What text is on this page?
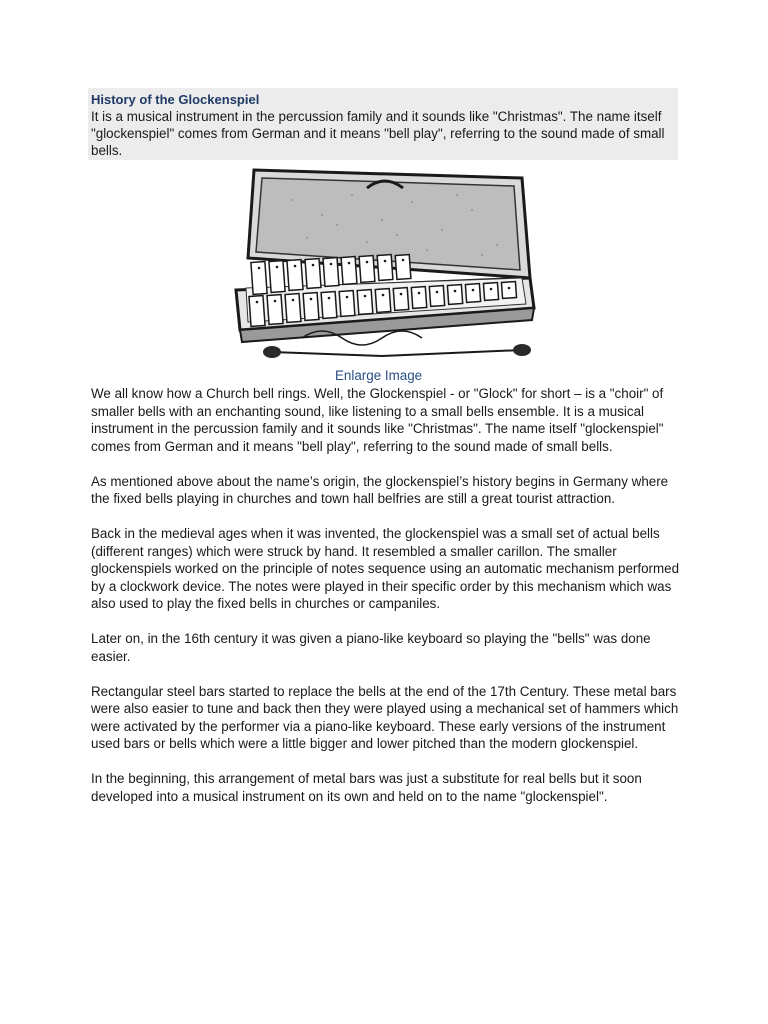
History of the Glockenspiel
It is a musical instrument in the percussion family and it sounds like "Christmas". The name itself "glockenspiel" comes from German and it means "bell play", referring to the sound made of small bells.
Enlarge Image

We all know how a Church bell rings. Well, the Glockenspiel - or "Glock" for short – is a "choir" of smaller bells with an enchanting sound, like listening to a small bells ensemble. It is a musical instrument in the percussion family and it sounds like "Christmas". The name itself "glockenspiel" comes from German and it means "bell play", referring to the sound made of small bells.

As mentioned above about the name’s origin, the glockenspiel’s history begins in Germany where the fixed bells playing in churches and town hall belfries are still a great tourist attraction.

Back in the medieval ages when it was invented, the glockenspiel was a small set of actual bells (different ranges) which were struck by hand. It resembled a smaller carillon. The smaller glockenspiels worked on the principle of notes sequence using an automatic mechanism performed by a clockwork device. The notes were played in their specific order by this mechanism which was also used to play the fixed bells in churches or campaniles.

Later on, in the 16th century it was given a piano-like keyboard so playing the "bells" was done easier.

Rectangular steel bars started to replace the bells at the end of the 17th Century. These metal bars were also easier to tune and back then they were played using a mechanical set of hammers which were activated by the performer via a piano-like keyboard. These early versions of the instrument used bars or bells which were a little bigger and lower pitched than the modern glockenspiel.

In the beginning, this arrangement of metal bars was just a substitute for real bells but it soon developed into a musical instrument on its own and held on to the name "glockenspiel".
